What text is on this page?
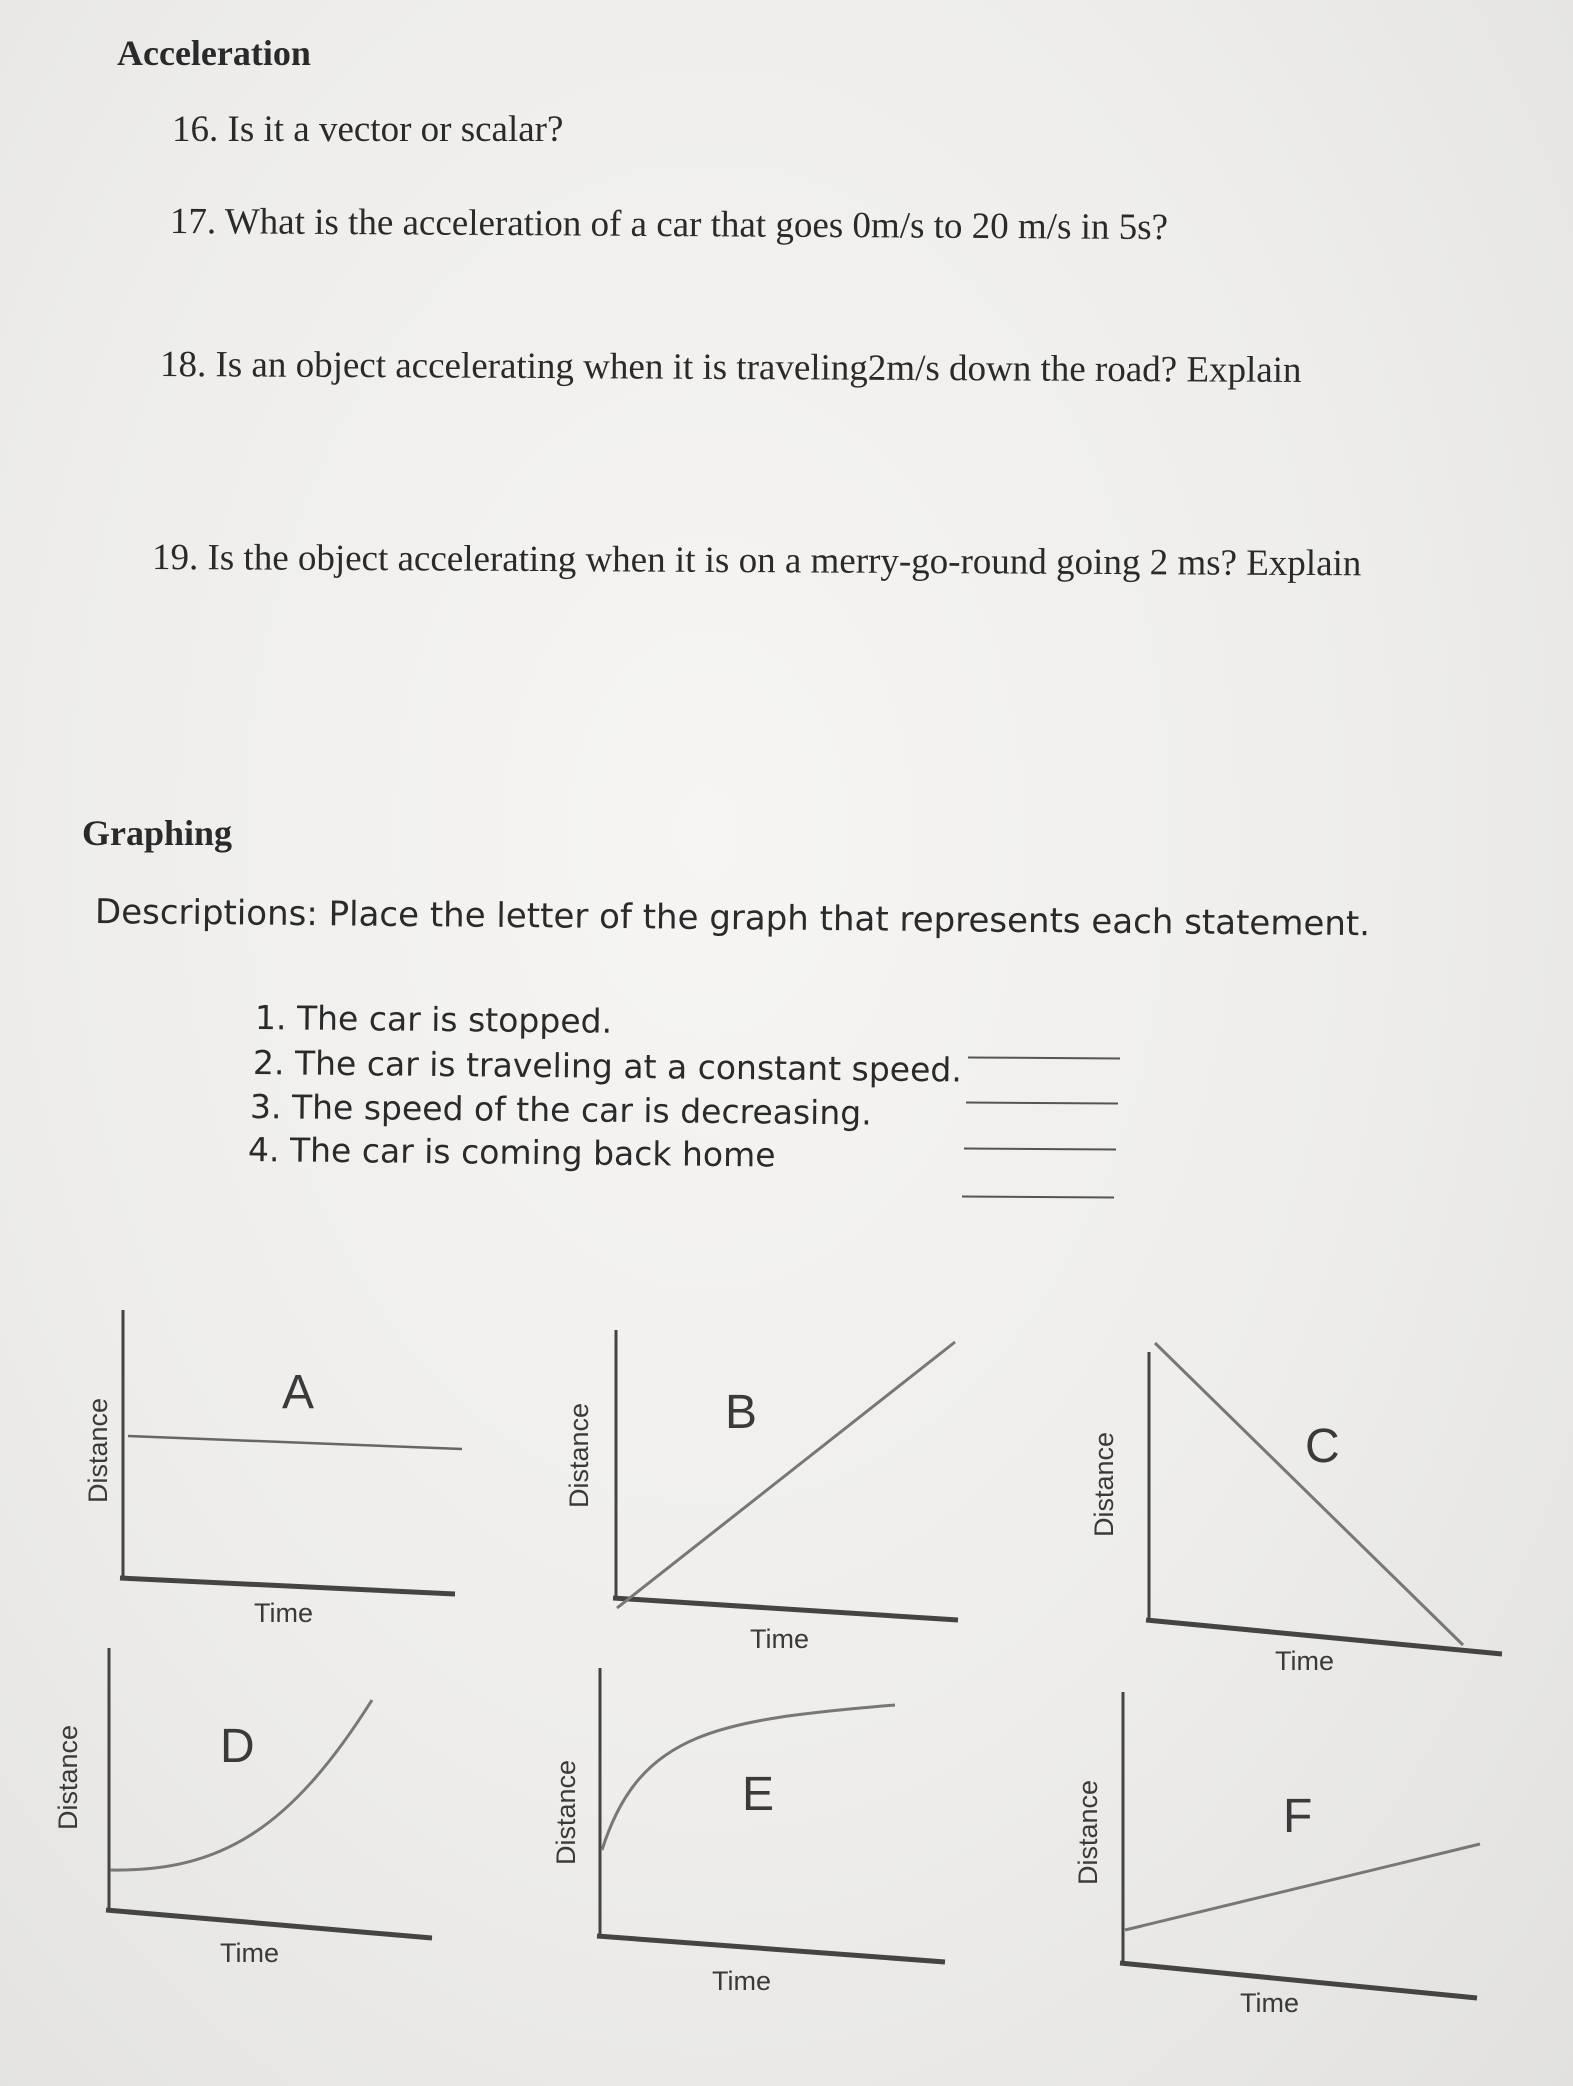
Acceleration
16. Is it a vector or scalar?
17. What is the acceleration of a car that goes 0m/s to 20 m/s in 5s?
18. Is an object accelerating when it is traveling2m/s down the road? Explain
19. Is the object accelerating when it is on a merry-go-round going 2 ms? Explain
Graphing
Descriptions: Place the letter of the graph that represents each statement.
1. The car is stopped.
2. The car is traveling at a constant speed.
3. The speed of the car is decreasing.
4. The car is coming back home
A
Time
Distance	B
Time
Distance	C
Time
Distance
D
Time
Distance	E
Time
Distance	F
Time
Distance
